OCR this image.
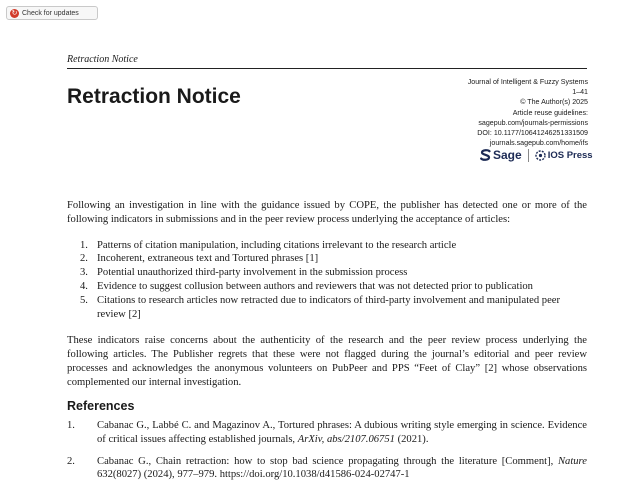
↻ Check for updates
Retraction Notice
Retraction Notice
Journal of Intelligent & Fuzzy Systems
1–41
© The Author(s) 2025
Article reuse guidelines:
sagepub.com/journals-permissions
DOI: 10.1177/10641246251331509
journals.sagepub.com/home/ifs
Sage	IOS Press

Following an investigation in line with the guidance issued by COPE, the publisher has detected one or more of the following indicators in submissions and in the peer review process underlying the acceptance of articles:

1. Patterns of citation manipulation, including citations irrelevant to the research article
2. Incoherent, extraneous text and Tortured phrases [1]
3. Potential unauthorized third-party involvement in the submission process
4. Evidence to suggest collusion between authors and reviewers that was not detected prior to publication
5. Citations to research articles now retracted due to indicators of third-party involvement and manipulated peer review [2]

These indicators raise concerns about the authenticity of the research and the peer review process underlying the following articles. The Publisher regrets that these were not flagged during the journal’s editorial and peer review processes and acknowledges the anonymous volunteers on PubPeer and PPS “Feet of Clay” [2] whose observations complemented our internal investigation.

References
1. Cabanac G., Labbé C. and Magazinov A., Tortured phrases: A dubious writing style emerging in science. Evidence of critical issues affecting established journals, ArXiv, abs/2107.06751 (2021).
2. Cabanac G., Chain retraction: how to stop bad science propagating through the literature [Comment], Nature 632(8027) (2024), 977–979. https://doi.org/10.1038/d41586-024-02747-1
